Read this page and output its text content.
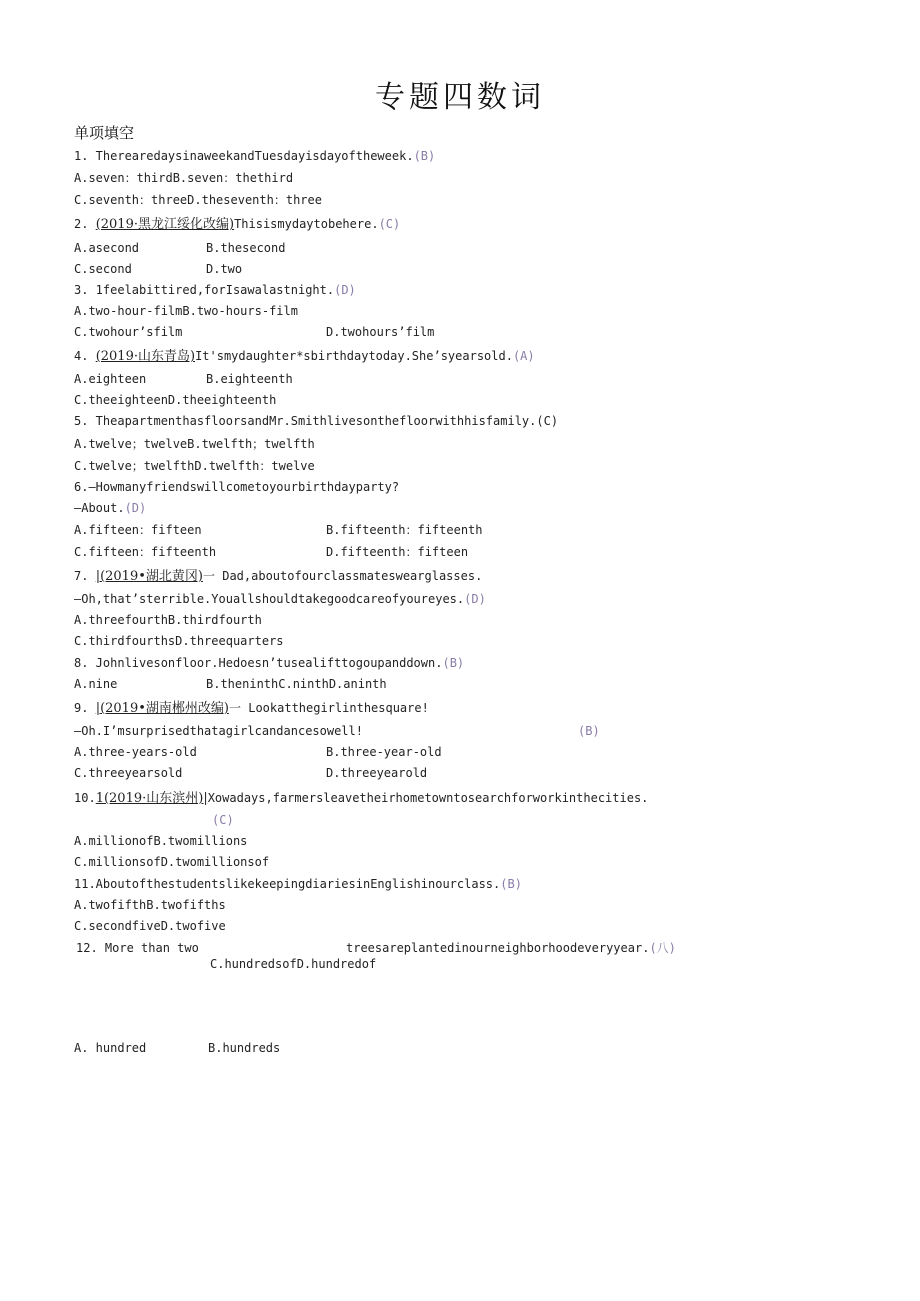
专题四数词
单项填空
1. Therearedaysinaweekand​Tuesdayisdayoftheweek.(B)
A.seven：thirdB.seven：thethird
C.seventh：threeD.theseventh：three
2. (2019·黑龙江绥化改编)Thisismydaytobehere.(C)
A.asecond	B.thesecond
C.second	D.two
3. 1feelabittired,forIsawalastnight.(D)
A.two-hour-filmB.two-hours-film
C.twohour’sfilm	D.twohours’film
4. (2019·山东青岛)It'smydaughter*sbirthdaytoday.She’syearsold.(A)
A.eighteen	B.eighteenth
C.theeighteenD.theeighteenth
5. Theapartmenthasfloorsand​Mr.Smithlivesonthefloorwithhisfamily.(C)
A.twelve；twelveB.twelfth；twelfth
C.twelve；twelfthD.twelfth：twelve
6.—Howmanyfriendswillcometoyourbirthdayparty?
—About.(D)
A.fifteen：fifteen	B.fifteenth：fifteenth
C.fifteen：fifteenth	D.fifteenth：fifteen
7. |(2019•湖北黄冈)一 Dad,aboutofourclassmateswearglasses.
—Oh,that’sterrible.Youallshouldtakegoodcareofyoureyes.(D)
A.threefourthB.thirdfourth
C.thirdfourthsD.threequarters
8. Johnlivesonfloor.Hedoesn’tusealifttogoupanddown.(B)
A.nine	B.theninthC.ninthD.aninth
9. |(2019•湖南郴州改编)一 Lookatthegirlinthesquare!
—Oh.I’msurprisedthatagirlcandancesowell!	(B)
A.three-years-old	B.three-year-old
C.threeyearsold	D.threeyearold
10.1(2019·山东滨州)|Xowadays,farmersleavetheirhometowntosearchforworkinthecities.
(C)
A.millionofB.twomillions
C.millionsofD.twomillionsof
11.Aboutofthestudentslikekeepingdiariesin​Englishinourclass.(B)
A.twofifthB.twofifths
C.secondfiveD.twofive
12. More than two	treesareplantedinourneighborhoodeveryyear.(八)
C.hundredsofD.hundredof
A. hundred	B.hundreds
